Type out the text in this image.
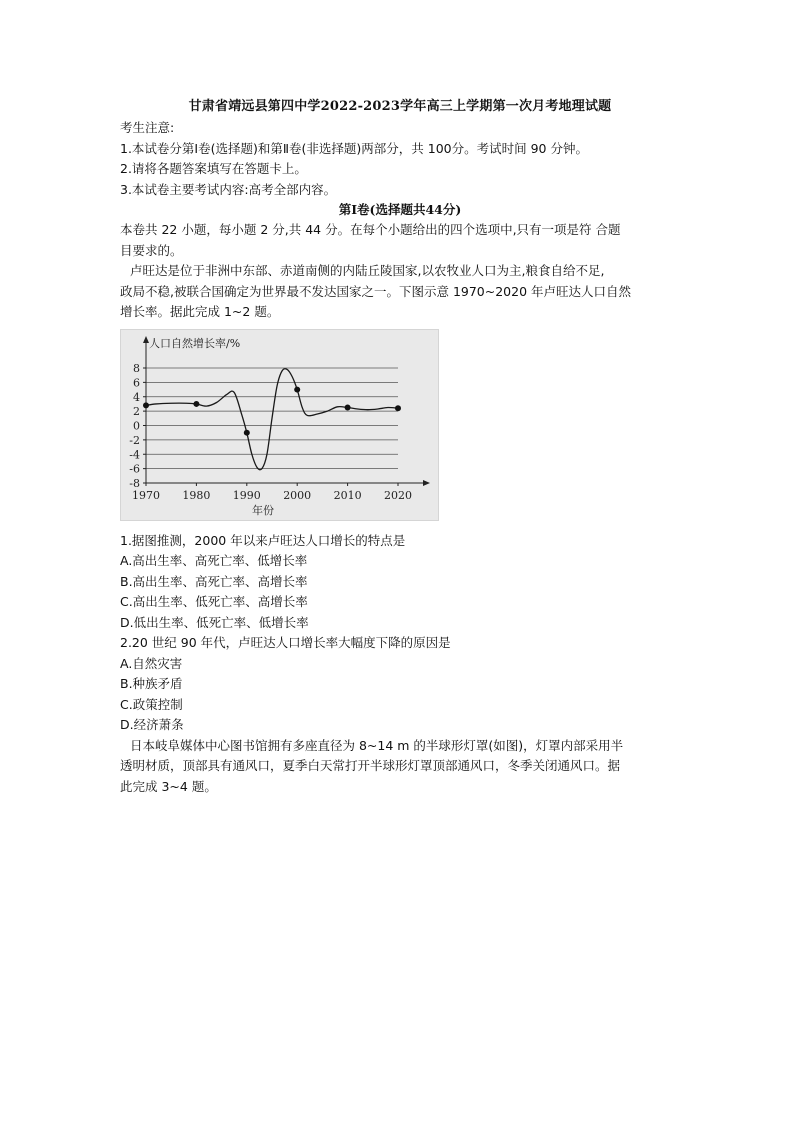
甘肃省靖远县第四中学2022-2023学年高三上学期第一次月考地理试题

考生注意:

1.本试卷分第Ⅰ卷(选择题)和第Ⅱ卷(非选择题)两部分，共 100分。考试时间 90 分钟。

2.请将各题答案填写在答题卡上。

3.本试卷主要考试内容:高考全部内容。

第Ⅰ卷(选择题共44分)

本卷共 22 小题，每小题 2 分,共 44 分。在每个小题给出的四个选项中,只有一项是符 合题

目要求的。

卢旺达是位于非洲中东部、赤道南侧的内陆丘陵国家,以农牧业人口为主,粮食自给不足,

政局不稳,被联合国确定为世界最不发达国家之一。下图示意 1970~2020 年卢旺达人口自然

增长率。据此完成 1~2 题。

8
6
4
2
0
-2
-4
-6
-8
1970 1980 1990 2000 2010 2020
人口自然增长率/%
年份

1.据图推测，2000 年以来卢旺达人口增长的特点是

A.高出生率、高死亡率、低增长率

B.高出生率、高死亡率、高增长率

C.高出生率、低死亡率、高增长率

D.低出生率、低死亡率、低增长率

2.20 世纪 90 年代，卢旺达人口增长率大幅度下降的原因是

A.自然灾害

B.种族矛盾

C.政策控制

D.经济萧条

日本岐阜媒体中心图书馆拥有多座直径为 8~14 m 的半球形灯罩(如图)，灯罩内部采用半

透明材质，顶部具有通风口，夏季白天常打开半球形灯罩顶部通风口，冬季关闭通风口。据

此完成 3~4 题。
